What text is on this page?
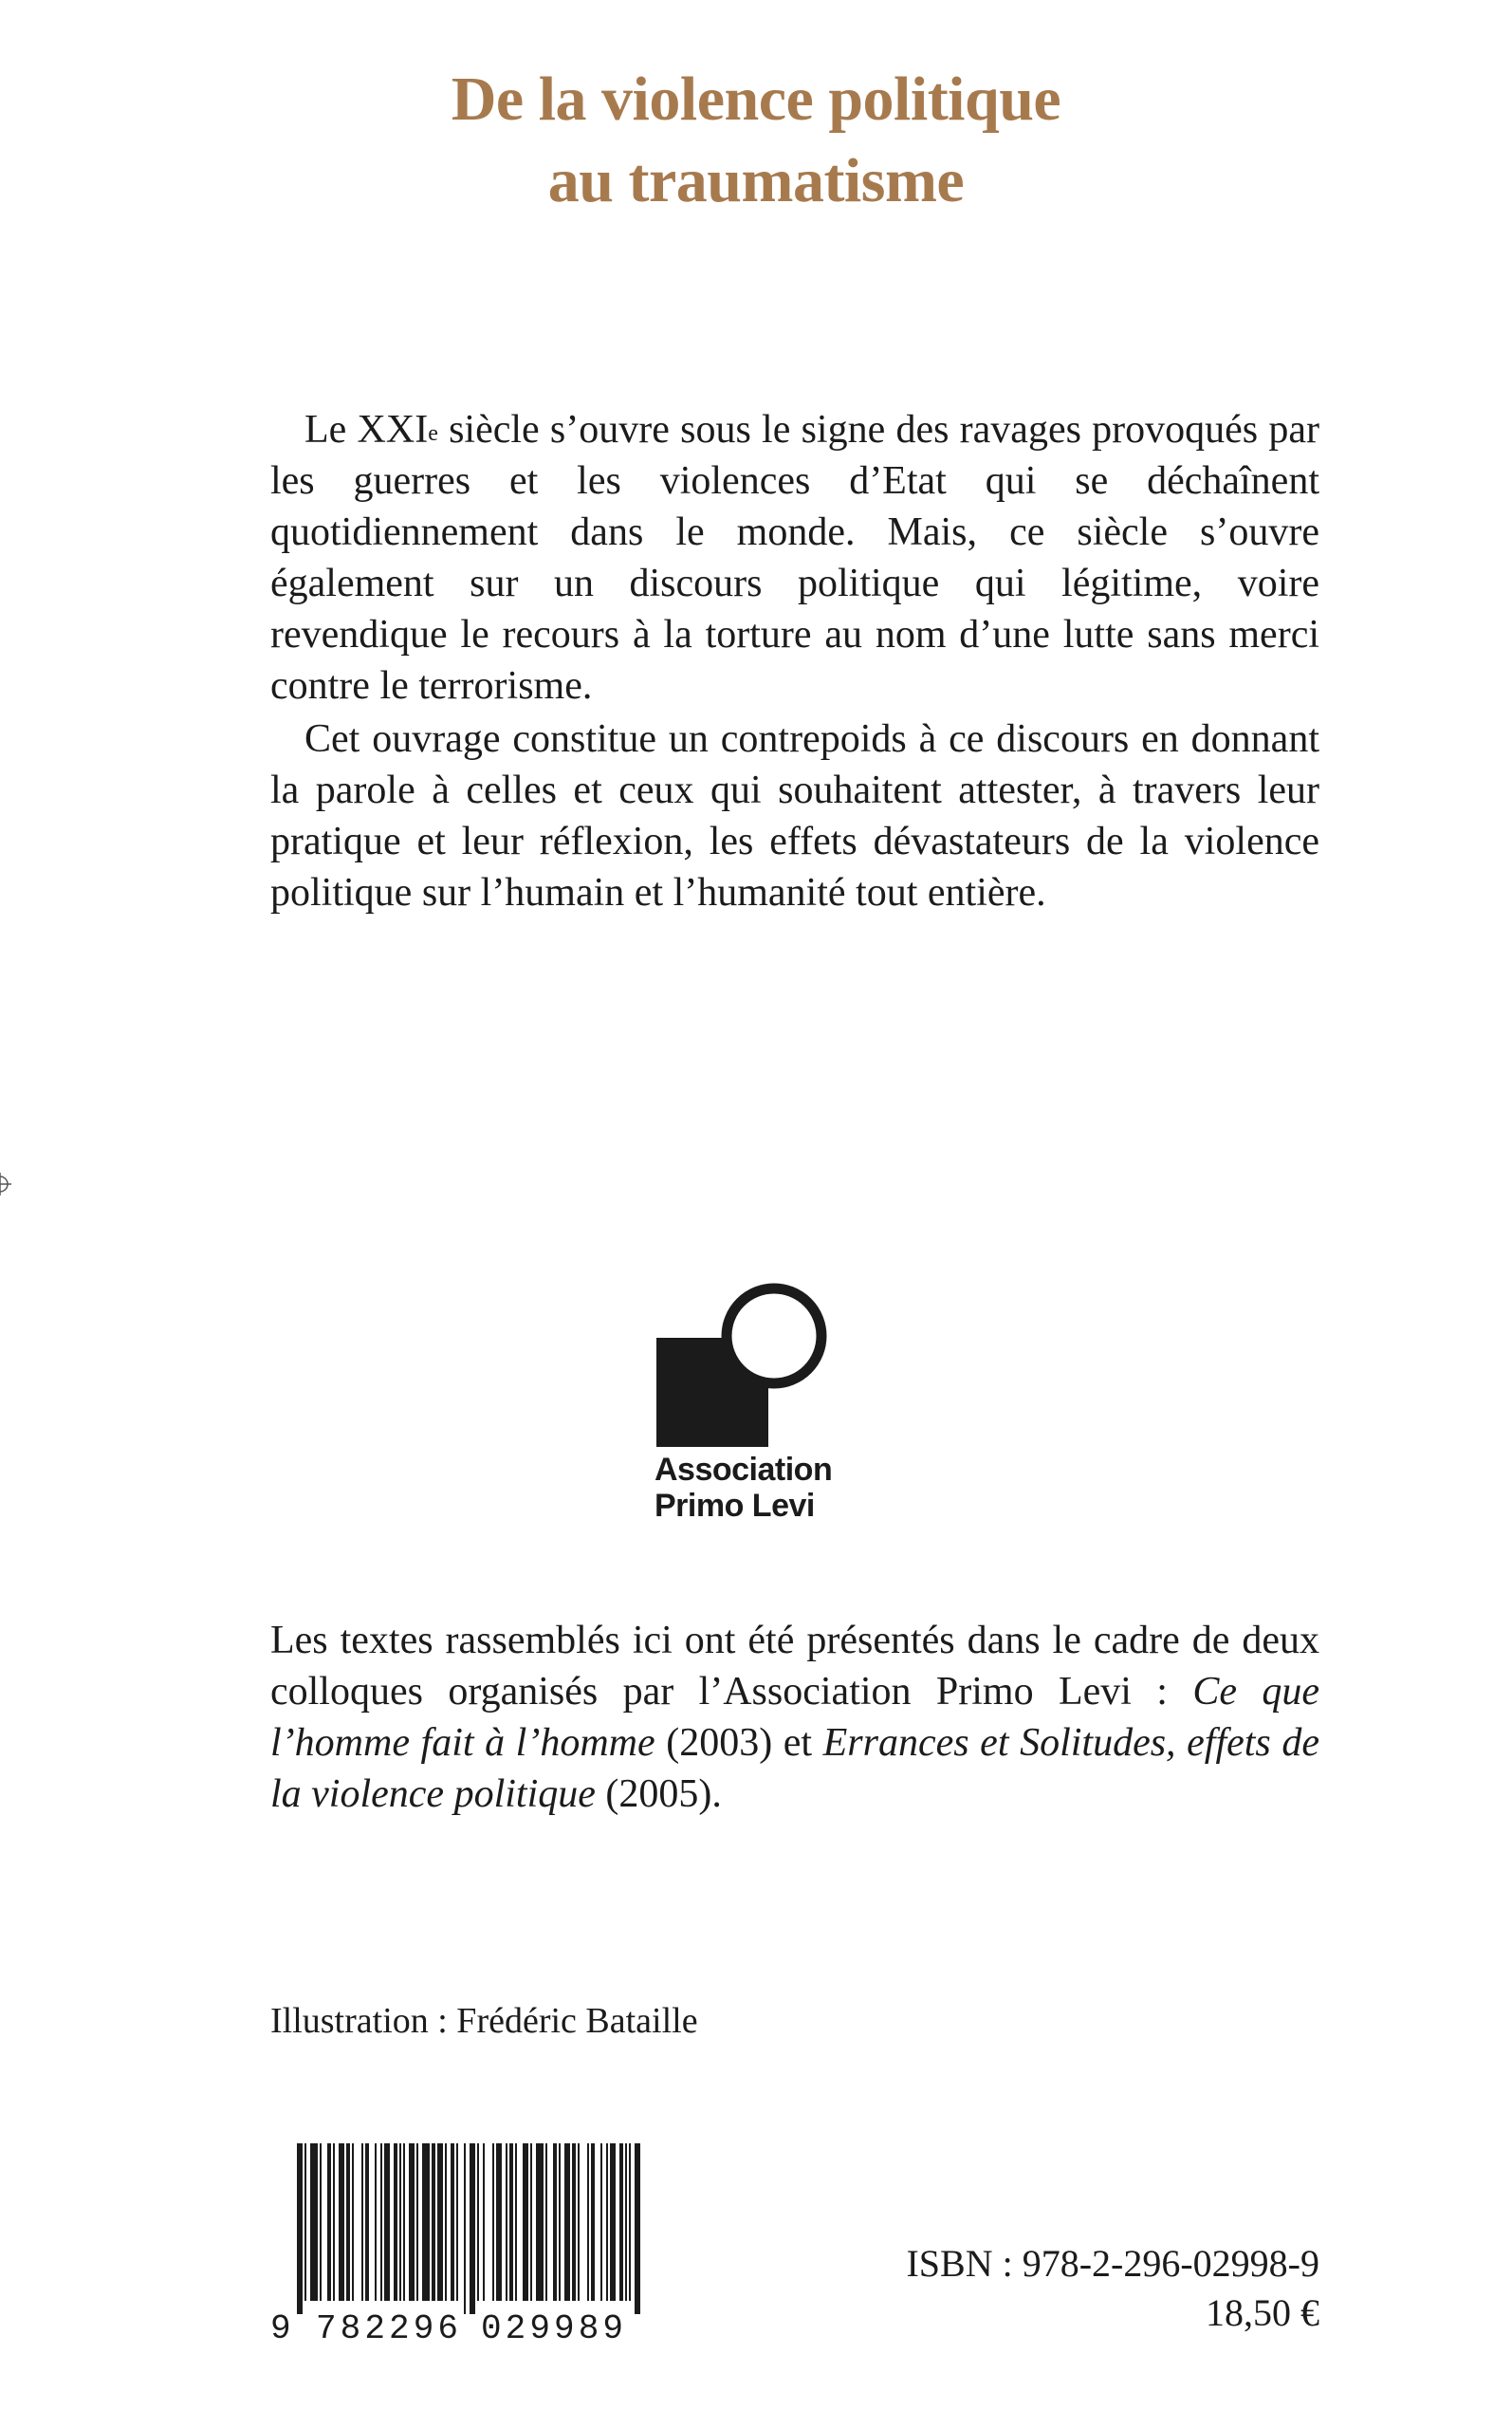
De la violence politique
au traumatisme
Le XXIe siècle s’ouvre sous le signe des ravages provoqués par les guerres et les violences d’Etat qui se déchaînent quotidiennement dans le monde. Mais, ce siècle s’ouvre également sur un discours politique qui légitime, voire revendique le recours à la torture au nom d’une lutte sans merci contre le terrorisme.
Cet ouvrage constitue un contrepoids à ce discours en donnant la parole à celles et ceux qui souhaitent attester, à travers leur pratique et leur réflexion, les effets dévastateurs de la violence politique sur l’humain et l’humanité tout entière.
Association
Primo Levi
Les textes rassemblés ici ont été présentés dans le cadre de deux colloques organisés par l’Association Primo Levi : Ce que l’homme fait à l’homme (2003) et Errances et Solitudes, effets de la violence politique (2005).
Illustration : Frédéric Bataille
9 782296 029989
ISBN : 978-2-296-02998-9
18,50 €
